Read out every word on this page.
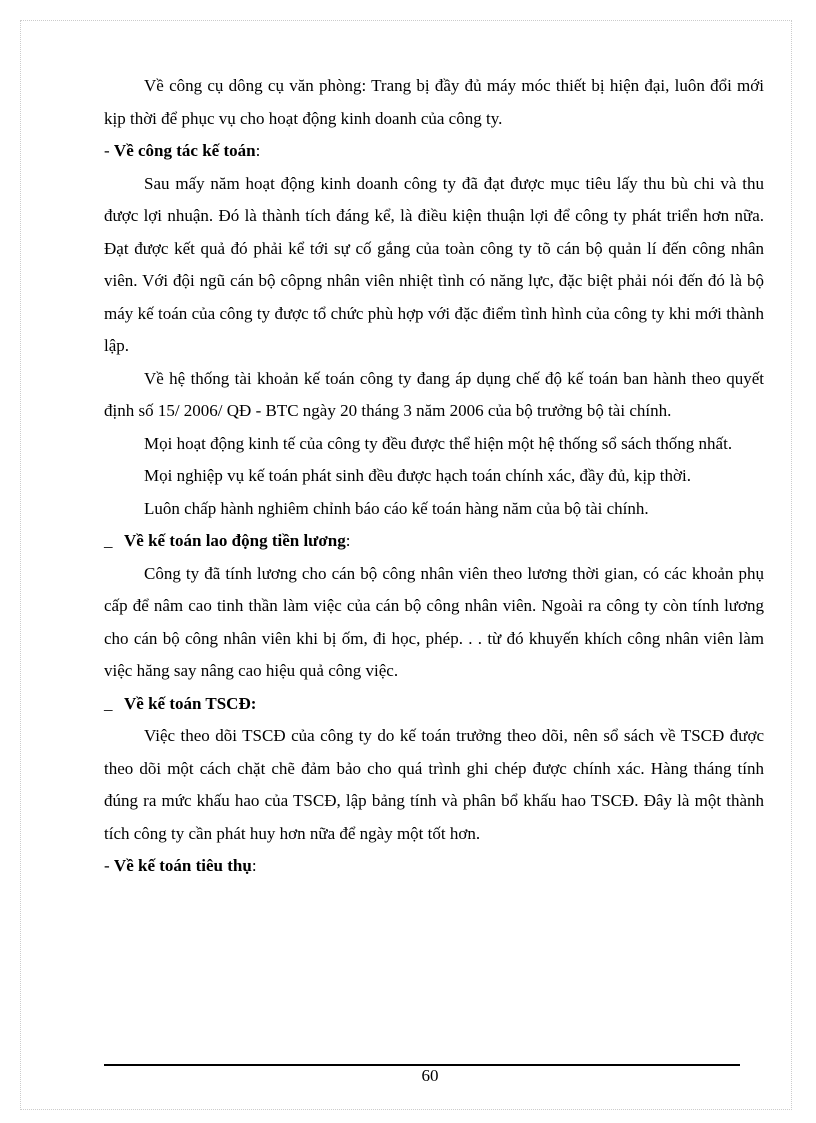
Về công cụ dông cụ văn phòng: Trang bị đầy đủ máy móc thiết bị hiện đại, luôn đổi mới kịp thời để phục vụ cho hoạt động kinh doanh của công ty.

- Về công tác kế toán:

Sau mấy năm hoạt động kinh doanh công ty đã đạt được mục tiêu lấy thu bù chi và thu được lợi nhuận. Đó là thành tích đáng kể, là điều kiện thuận lợi để công ty phát triển hơn nữa. Đạt được kết quả đó phải kể tới sự cố gắng của toàn công ty tõ cán bộ quản lí đến công nhân viên. Với đội ngũ cán bộ côpng nhân viên nhiệt tình có năng lực, đặc biệt phải nói đến đó là bộ máy kế toán của công ty được tổ chức phù hợp với đặc điểm tình hình của công ty khi mới thành lập.

Về hệ thống tài khoản kế toán công ty đang áp dụng chế độ kế toán ban hành theo quyết định số 15/ 2006/ QĐ - BTC ngày 20 tháng 3 năm 2006 của bộ trưởng bộ tài chính.

Mọi hoạt động kinh tế của công ty đều được thể hiện một hệ thống sổ sách thống nhất.

Mọi nghiệp vụ kế toán phát sinh đều được hạch toán chính xác, đầy đủ, kịp thời.

Luôn chấp hành nghiêm chỉnh báo cáo kế toán hàng năm của bộ tài chính.

_ Về kế toán lao động tiền lương:

Công ty đã tính lương cho cán bộ công nhân viên theo lương thời gian, có các khoản phụ cấp để nâm cao tinh thần làm việc của cán bộ công nhân viên. Ngoài ra công ty còn tính lương cho cán bộ công nhân viên khi bị ốm, đi học, phép. . . từ đó khuyến khích công nhân viên làm việc hăng say nâng cao hiệu quả công việc.

_ Về kế toán TSCĐ:

Việc theo dõi TSCĐ của công ty do kế toán trưởng theo dõi, nên sổ sách về TSCĐ được theo dõi một cách chặt chẽ đảm bảo cho quá trình ghi chép được chính xác. Hàng tháng tính đúng ra mức khấu hao của TSCĐ, lập bảng tính và phân bổ khấu hao TSCĐ. Đây là một thành tích công ty cần phát huy hơn nữa để ngày một tốt hơn.

- Về kế toán tiêu thụ:

60
